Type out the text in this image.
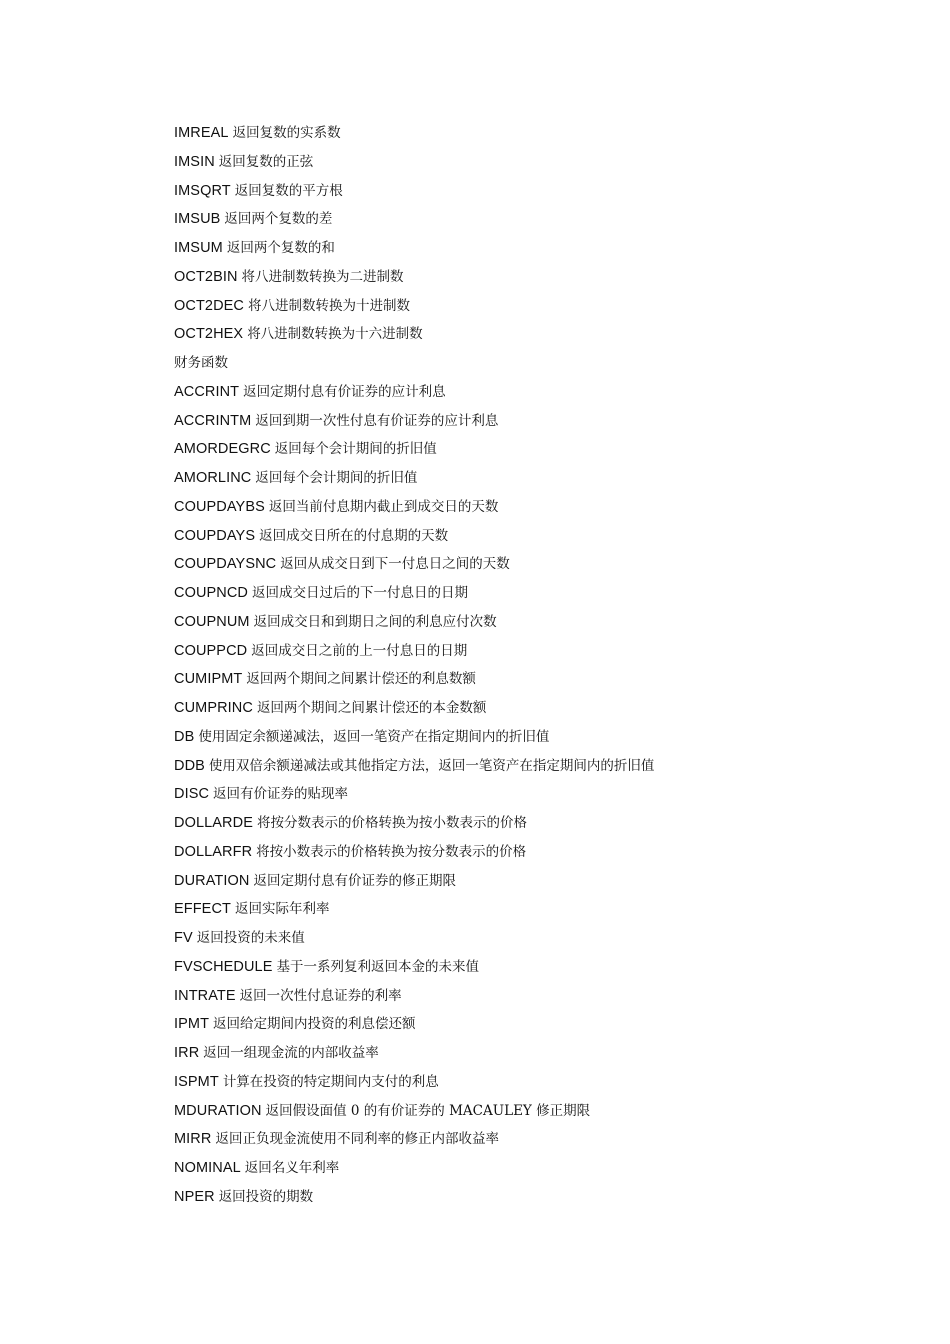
IMREAL 返回复数的实系数
IMSIN 返回复数的正弦
IMSQRT 返回复数的平方根
IMSUB 返回两个复数的差
IMSUM 返回两个复数的和
OCT2BIN 将八进制数转换为二进制数
OCT2DEC 将八进制数转换为十进制数
OCT2HEX 将八进制数转换为十六进制数
财务函数
ACCRINT 返回定期付息有价证券的应计利息
ACCRINTM 返回到期一次性付息有价证券的应计利息
AMORDEGRC 返回每个会计期间的折旧值
AMORLINC 返回每个会计期间的折旧值
COUPDAYBS 返回当前付息期内截止到成交日的天数
COUPDAYS 返回成交日所在的付息期的天数
COUPDAYSNC 返回从成交日到下一付息日之间的天数
COUPNCD 返回成交日过后的下一付息日的日期
COUPNUM 返回成交日和到期日之间的利息应付次数
COUPPCD 返回成交日之前的上一付息日的日期
CUMIPMT 返回两个期间之间累计偿还的利息数额
CUMPRINC 返回两个期间之间累计偿还的本金数额
DB 使用固定余额递减法，返回一笔资产在指定期间内的折旧值
DDB 使用双倍余额递减法或其他指定方法，返回一笔资产在指定期间内的折旧值
DISC 返回有价证券的贴现率
DOLLARDE 将按分数表示的价格转换为按小数表示的价格
DOLLARFR 将按小数表示的价格转换为按分数表示的价格
DURATION 返回定期付息有价证券的修正期限
EFFECT 返回实际年利率
FV 返回投资的未来值
FVSCHEDULE 基于一系列复利返回本金的未来值
INTRATE 返回一次性付息证券的利率
IPMT 返回给定期间内投资的利息偿还额
IRR 返回一组现金流的内部收益率
ISPMT 计算在投资的特定期间内支付的利息
MDURATION 返回假设面值 0 的有价证券的 MACAULEY 修正期限
MIRR 返回正负现金流使用不同利率的修正内部收益率
NOMINAL 返回名义年利率
NPER 返回投资的期数
